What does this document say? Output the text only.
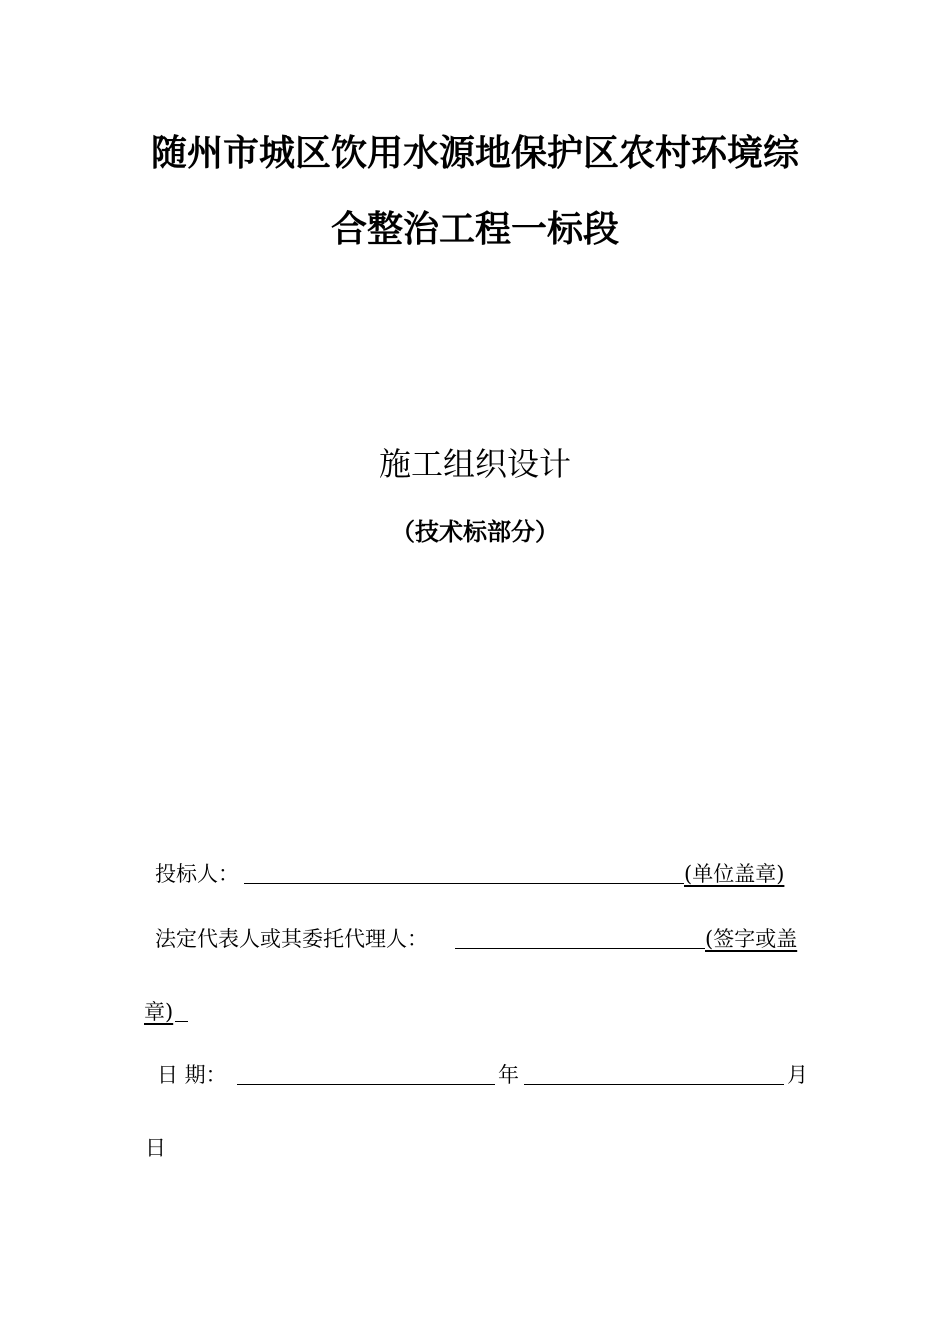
随州市城区饮用水源地保护区农村环境综
合整治工程一标段
施工组织设计
（技术标部分）
投标人：	(单位盖章)
法定代表人或其委托代理人：	(签字或盖
章)
日 期：	年	月
日
